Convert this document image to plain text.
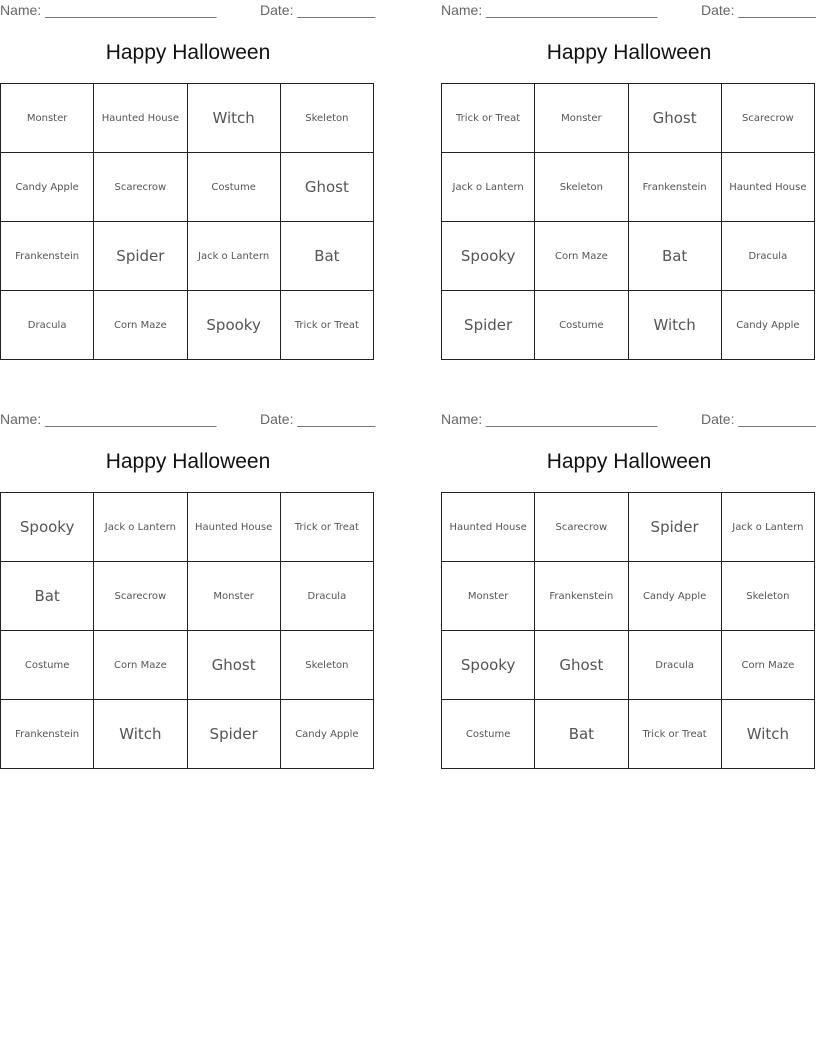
Name: ______________________	Date: __________
Happy Halloween
Monster	Haunted House	Witch	Skeleton
Candy Apple	Scarecrow	Costume	Ghost
Frankenstein	Spider	Jack o Lantern	Bat
Dracula	Corn Maze	Spooky	Trick or Treat
Name: ______________________	Date: __________
Happy Halloween
Trick or Treat	Monster	Ghost	Scarecrow
Jack o Lantern	Skeleton	Frankenstein	Haunted House
Spooky	Corn Maze	Bat	Dracula
Spider	Costume	Witch	Candy Apple
Name: ______________________	Date: __________
Happy Halloween
Spooky	Jack o Lantern	Haunted House	Trick or Treat
Bat	Scarecrow	Monster	Dracula
Costume	Corn Maze	Ghost	Skeleton
Frankenstein	Witch	Spider	Candy Apple
Name: ______________________	Date: __________
Happy Halloween
Haunted House	Scarecrow	Spider	Jack o Lantern
Monster	Frankenstein	Candy Apple	Skeleton
Spooky	Ghost	Dracula	Corn Maze
Costume	Bat	Trick or Treat	Witch
